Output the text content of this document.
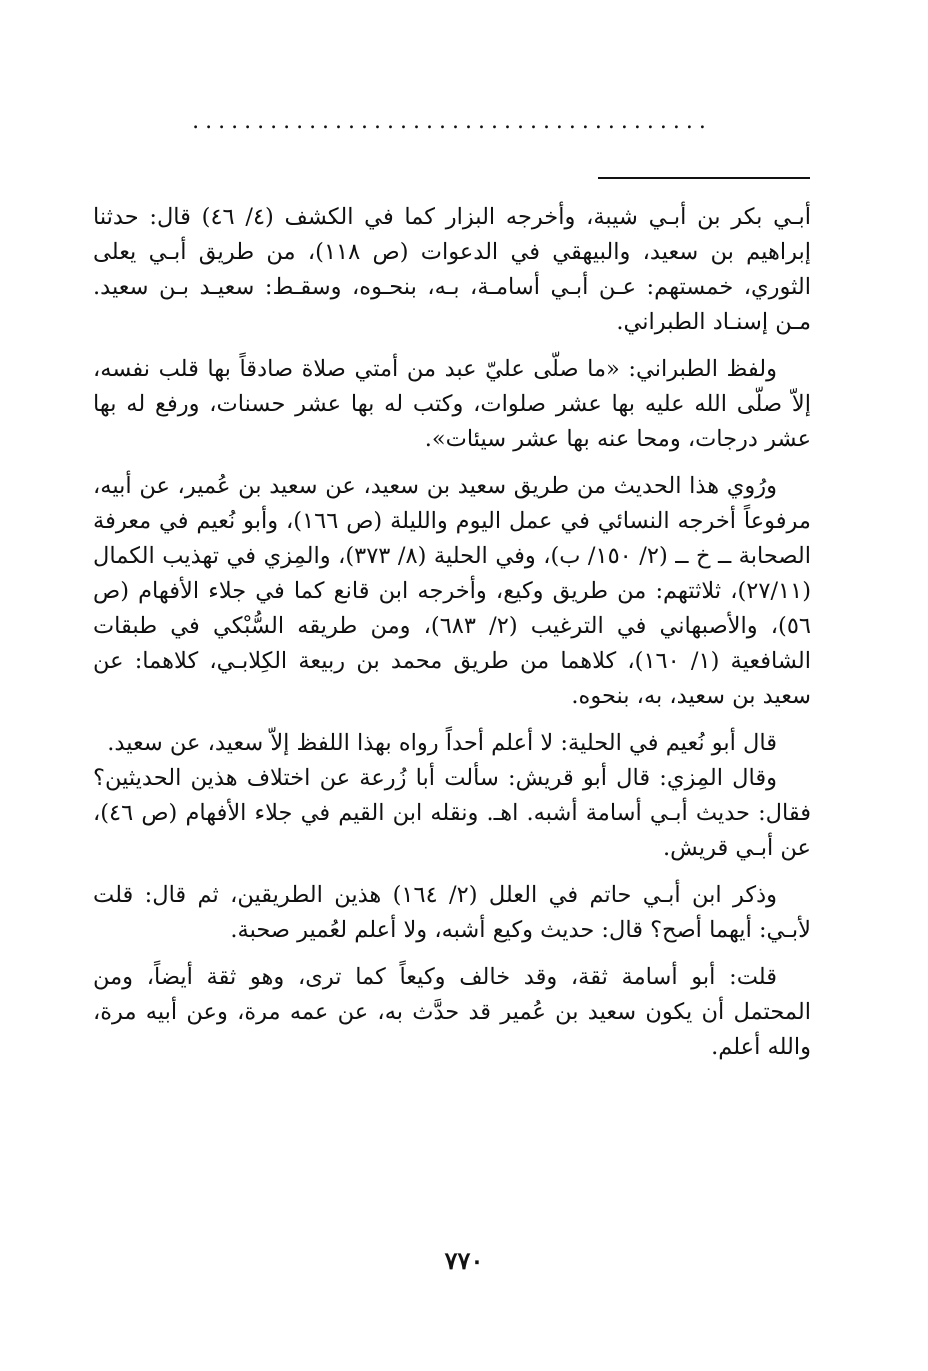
........................................

أبـي بكر بن أبـي شيبة، وأخرجه البزار كما في الكشف (٤/ ٤٦) قال: حدثنا إبراهيم بن سعيد، والبيهقي في الدعوات (ص ١١٨)، من طريق أبـي يعلى الثوري، خمستهم: عـن أبـي أسامـة، بـه، بنحـوه، وسقـط: سعيـد بـن سعيد. مـن إسنـاد الطبراني.

ولفظ الطبراني: «ما صلّى عليّ عبد من أمتي صلاة صادقاً بها قلب نفسه، إلاّ صلّى الله عليه بها عشر صلوات، وكتب له بها عشر حسنات، ورفع له بها عشر درجات، ومحا عنه بها عشر سيئات».

ورُوي هذا الحديث من طريق سعيد بن سعيد، عن سعيد بن عُمير، عن أبيه، مرفوعاً أخرجه النسائي في عمل اليوم والليلة (ص ١٦٦)، وأبو نُعيم في معرفة الصحابة ــ خ ــ (٢/ ١٥٠/ ب)، وفي الحلية (٨/ ٣٧٣)، والمِزي في تهذيب الكمال (٢٧/١١)، ثلاثتهم: من طريق وكيع، وأخرجه ابن قانع كما في جلاء الأفهام (ص ٥٦)، والأصبهاني في الترغيب (٢/ ٦٨٣)، ومن طريقه السُّبْكي في طبقات الشافعية (١/ ١٦٠)، كلاهما من طريق محمد بن ربيعة الكِلابـي، كلاهما: عن سعيد بن سعيد، به، بنحوه.

قال أبو نُعيم في الحلية: لا أعلم أحداً رواه بهذا اللفظ إلاّ سعيد، عن سعيد.

وقال المِزي: قال أبو قريش: سألت أبا زُرعة عن اختلاف هذين الحديثين؟ فقال: حديث أبـي أسامة أشبه. اهـ. ونقله ابن القيم في جلاء الأفهام (ص ٤٦)، عن أبـي قريش.

وذكر ابن أبـي حاتم في العلل (٢/ ١٦٤) هذين الطريقين، ثم قال: قلت لأبـي: أيهما أصح؟ قال: حديث وكيع أشبه، ولا أعلم لعُمير صحبة.

قلت: أبو أسامة ثقة، وقد خالف وكيعاً كما ترى، وهو ثقة أيضاً، ومن المحتمل أن يكون سعيد بن عُمير قد حدَّث به، عن عمه مرة، وعن أبيه مرة، والله أعلم.

٧٧٠
